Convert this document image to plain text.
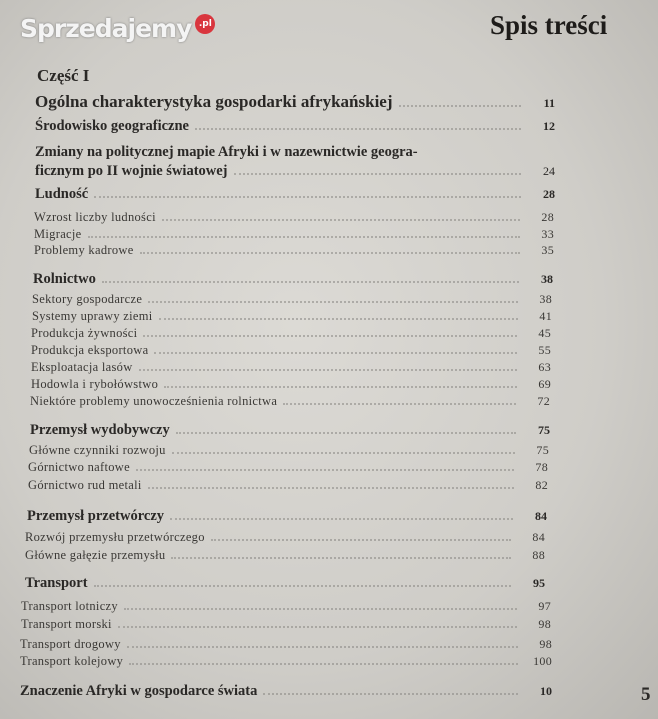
Spis treści
Część I
Ogólna charakterystyka gospodarki afrykańskiej	11
Środowisko geograficzne	12
Zmiany na politycznej mapie Afryki i w nazewnictwie geogra-
ficznym po II wojnie światowej	24
Ludność	28
Wzrost liczby ludności	28
Migracje	33
Problemy kadrowe	35
Rolnictwo	38
Sektory gospodarcze	38
Systemy uprawy ziemi	41
Produkcja żywności	45
Produkcja eksportowa	55
Eksploatacja lasów	63
Hodowla i rybołówstwo	69
Niektóre problemy unowocześnienia rolnictwa	72
Przemysł wydobywczy	75
Główne czynniki rozwoju	75
Górnictwo naftowe	78
Górnictwo rud metali	82
Przemysł przetwórczy	84
Rozwój przemysłu przetwórczego	84
Główne gałęzie przemysłu	88
Transport	95
Transport lotniczy	97
Transport morski	98
Transport drogowy	98
Transport kolejowy	100
Znaczenie Afryki w gospodarce świata	10
Sprzedajemy .pl
5
